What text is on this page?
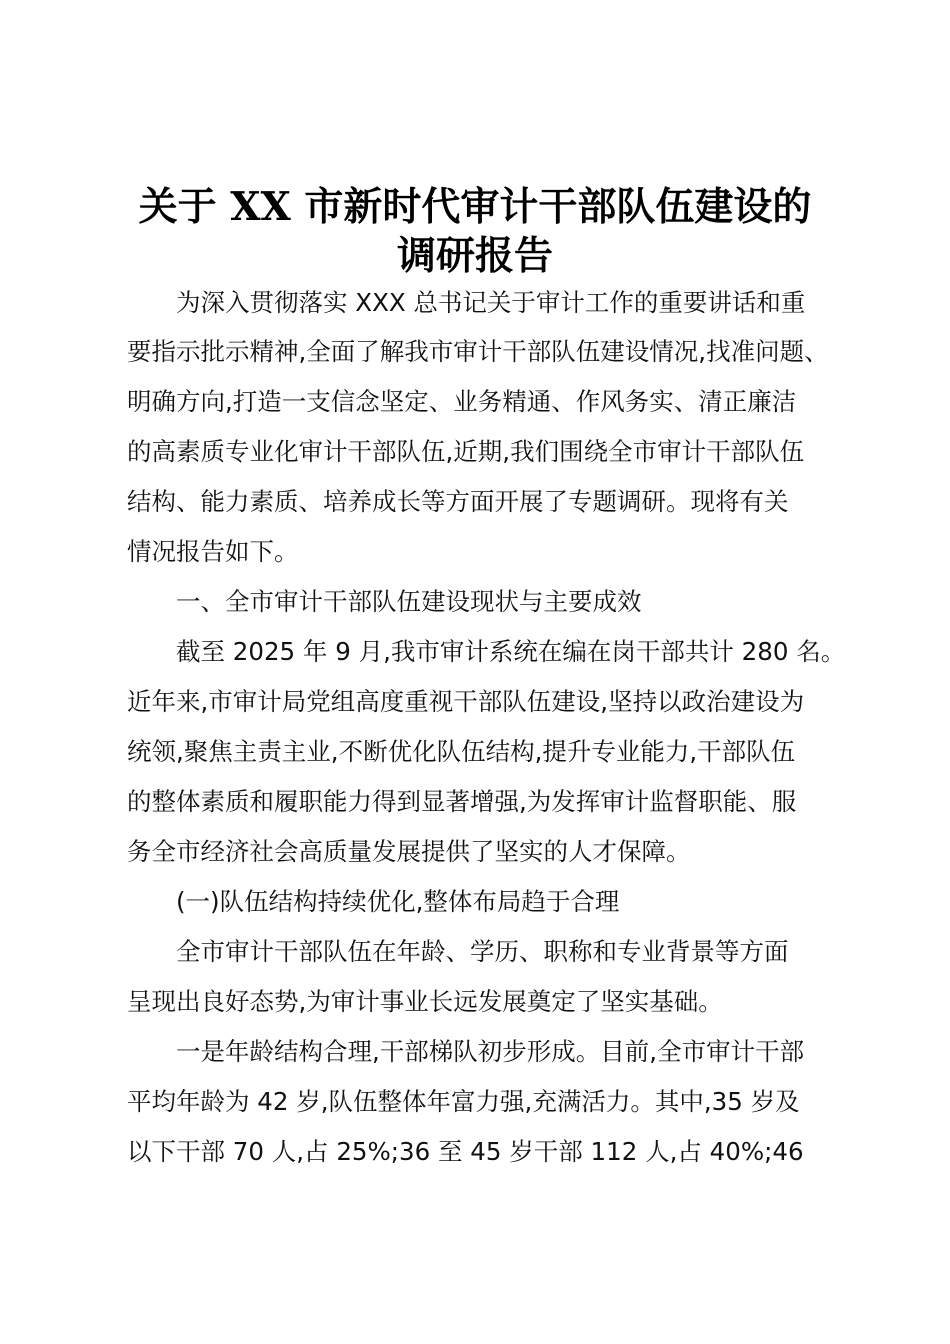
关于 XX 市新时代审计干部队伍建设的
调研报告

　　为深入贯彻落实 XXX 总书记关于审计工作的重要讲话和重

要指示批示精神,全面了解我市审计干部队伍建设情况,找准问题、

明确方向,打造一支信念坚定、业务精通、作风务实、清正廉洁

的高素质专业化审计干部队伍,近期,我们围绕全市审计干部队伍

结构、能力素质、培养成长等方面开展了专题调研。现将有关

情况报告如下。

　　一、全市审计干部队伍建设现状与主要成效

　　截至 2025 年 9 月,我市审计系统在编在岗干部共计 280 名。

近年来,市审计局党组高度重视干部队伍建设,坚持以政治建设为

统领,聚焦主责主业,不断优化队伍结构,提升专业能力,干部队伍

的整体素质和履职能力得到显著增强,为发挥审计监督职能、服

务全市经济社会高质量发展提供了坚实的人才保障。

　　(一)队伍结构持续优化,整体布局趋于合理

　　全市审计干部队伍在年龄、学历、职称和专业背景等方面

呈现出良好态势,为审计事业长远发展奠定了坚实基础。

　　一是年龄结构合理,干部梯队初步形成。目前,全市审计干部

平均年龄为 42 岁,队伍整体年富力强,充满活力。其中,35 岁及

以下干部 70 人,占 25%;36 至 45 岁干部 112 人,占 40%;46
